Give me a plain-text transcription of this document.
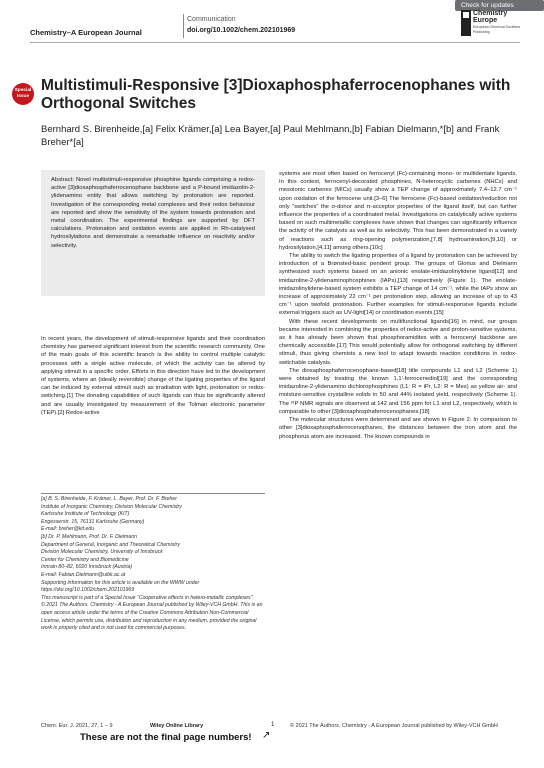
Check for updates
Chemistry–A European Journal
Communication
doi.org/10.1002/chem.202101969
Chemistry
Europe
European Chemical Societies Publishing
Special
Issue
Multistimuli-Responsive [3]Dioxaphosphaferrocenophanes with Orthogonal Switches
Bernhard S. Birenheide,[a] Felix Krämer,[a] Lea Bayer,[a] Paul Mehlmann,[b] Fabian Dielmann,*[b] and Frank Breher*[a]
Abstract: Novel multistimuli-responsive phosphine ligands comprising a redox-active [3]dioxaphosphaferrocenophane backbone and a P-bound imidazolin-2-ylidenamino entity that allows switching by protonation are reported. Investigation of the corresponding metal complexes and their redox behaviour are reported and show the sensitivity of the system towards protonation and metal coordination. The experimental findings are supported by DFT calculations. Protonation and oxidation events are applied in Rh-catalysed hydrosilylations and demonstrate a remarkable influence on reactivity and/or selectivity.

In recent years, the development of stimuli-responsive ligands and their coordination chemistry has gamered significant interest from the scientific research community. One of the main goals of this scientific branch is the ability to control multiple catalytic processes with a single active molecule, of which the activity can be altered by applying stimuli in a specific order. Efforts in this direction have led to the development of systems, where an (ideally reversible) change of the ligating properties of the ligand can be induced by external stimuli such as irradiation with light, protonation or redox-switching.[1] The donating capabilities of such ligands can thus be significantly altered and are usually investigated by measurement of the Tolman electronic parameter (TEP).[2] Redox-active

systems are most often based on ferrocenyl (Fc)-containing mono- or multidentate ligands. In this context, ferrocenyl-decorated phosphines, N-heterocyclic carbenes (NHCs) and mesoionic carbenes (MICs) usually show a TEP change of approximately 7.4–12.7 cm⁻¹ upon oxidation of the ferrocene unit.[3–6] The ferrocene (Fc)-based oxidation/reduction not only “switches” the σ-donor and π-acceptor properties of the ligand itself, but can further influence the properties of a coordinated metal. Investigations on catalytically active systems based on such multimetallic complexes have shown that changes can significantly influence the activity of the catalysts as well as its selectivity. This has been demonstrated in a variety of reactions such as ring-opening polymerization,[7,8] hydroamination,[9,10] or hydrosilylation,[4,11] among others.[10c]

The ability to switch the ligating properties of a ligand by protonation can be achieved by introduction of a Brønsted-basic pendent group. The groups of Glorius and Dielmann synthesized such systems based on an anionic enolate-imidazolinylidene ligand[12] and imidazoline-2-ylidenaminophosphines (IAPs),[13] respectively (Figure 1). The enolate-imidazolinylidene-based system exhibits a TEP change of 14 cm⁻¹, while the IAPs show an increase of approximately 22 cm⁻¹ per protonation step, allowing an increase of up to 43 cm⁻¹ upon twofold protonation. Further examples for stimuli-responsive ligands include external triggers such as UV-light[14] or coordination events.[15]

With these recent developments on multifunctional ligands[16] in mind, our groups became interested in combining the properties of redox-active and proton-sensitive systems, as it has already been shown that phosphoramidites with a ferrocenyl backbone are chemically accessible.[17] This would potentially allow for orthogonal switching by different stimuli, thus giving chemists a new tool to adapt towards reaction conditions in redox-switchable catalysis.

The dioxaphosphaferrocenophane-based[18] title compounds L1 and L2 (Scheme 1) were obtained by treating the known 1,1′-ferrocenediol[19] and the corresponding imidazoline-2-ylidenamino dichlorophosphines (L1: R = iPr, L2: R = Mes) as yellow air- and moisture-sensitive crystalline solids in 50 and 44% isolated yield, respectively (Scheme 1). The ³¹P NMR signals are observed at 142 and 156 ppm for L1 and L2, respectively, which is comparable to other [3]dioxaphosphaferrocenophanes.[18]

The molecular structures were determined and are shown in Figure 2. In comparison to other [3]dioxaphosphaferrocenophanes, the distances between the iron atom and the phosphorus atom are increased. The known compounds in

[a] B. S. Birenheide, F. Krämer, L. Bayer, Prof. Dr. F. Breher

Institute of Inorganic Chemistry, Division Molecular Chemistry

Karlsruhe Institute of Technology (KIT)

Engesserstr. 15, 76131 Karlsruhe (Germany)

E-mail: breher@kit.edu

[b] Dr. P. Mehlmann, Prof. Dr. F. Dielmann

Department of General, Inorganic and Theoretical Chemistry

Division Molecular Chemistry, University of Innsbruck

Center for Chemistry and Biomedicine

Innrain 80–82, 6020 Innsbruck (Austria)

E-mail: Fabian.Dielmann@uibk.ac.at

Supporting information for this article is available on the WWW under https://doi.org/10.1002/chem.202101969

This manuscript is part of a Special Issue “Cooperative effects in hetero-metallic complexes”.

© 2021 The Authors. Chemistry - A European Journal published by Wiley-VCH GmbH. This is an open access article under the terms of the Creative Commons Attribution Non-Commercial License, which permits use, distribution and reproduction in any medium, provided the original work is properly cited and is not used for commercial purposes.

Chem. Eur. J. 2021, 27, 1 – 9	Wiley Online Library	1	© 2021 The Authors. Chemistry - A European Journal published by Wiley-VCH GmbH
These are not the final page numbers! ↗
